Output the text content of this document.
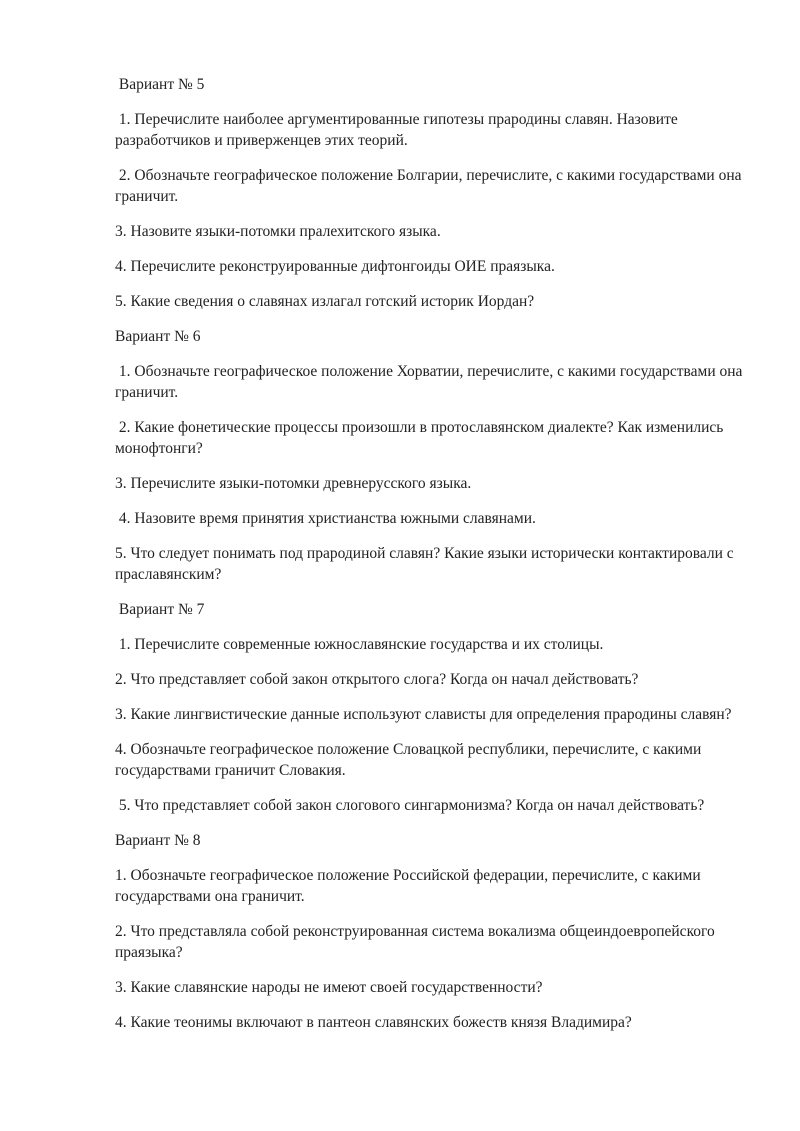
Вариант № 5

1. Перечислите наиболее аргументированные гипотезы прародины славян. Назовите разработчиков и приверженцев этих теорий.

2. Обозначьте географическое положение Болгарии, перечислите, с какими государствами она граничит.

3. Назовите языки-потомки пралехитского языка.

4. Перечислите реконструированные дифтонгоиды ОИЕ праязыка.

5. Какие сведения о славянах излагал готский историк Иордан?

Вариант № 6

1. Обозначьте географическое положение Хорватии, перечислите, с какими государствами она граничит.

2. Какие фонетические процессы произошли в протославянском диалекте? Как изменились монофтонги?

3. Перечислите языки-потомки древнерусского языка.

4. Назовите время принятия христианства южными славянами.

5. Что следует понимать под прародиной славян? Какие языки исторически контактировали с праславянским?

Вариант № 7

1. Перечислите современные южнославянские государства и их столицы.

2. Что представляет собой закон открытого слога? Когда он начал действовать?

3. Какие лингвистические данные используют слависты для определения прародины славян?

4. Обозначьте географическое положение Словацкой республики, перечислите, с какими государствами граничит Словакия.

5. Что представляет собой закон слогового сингармонизма? Когда он начал действовать?

Вариант № 8

1. Обозначьте географическое положение Российской федерации, перечислите, с какими государствами она граничит.

2. Что представляла собой реконструированная система вокализма общеиндоевропейского праязыка?

3. Какие славянские народы не имеют своей государственности?

4. Какие теонимы включают в пантеон славянских божеств князя Владимира?
